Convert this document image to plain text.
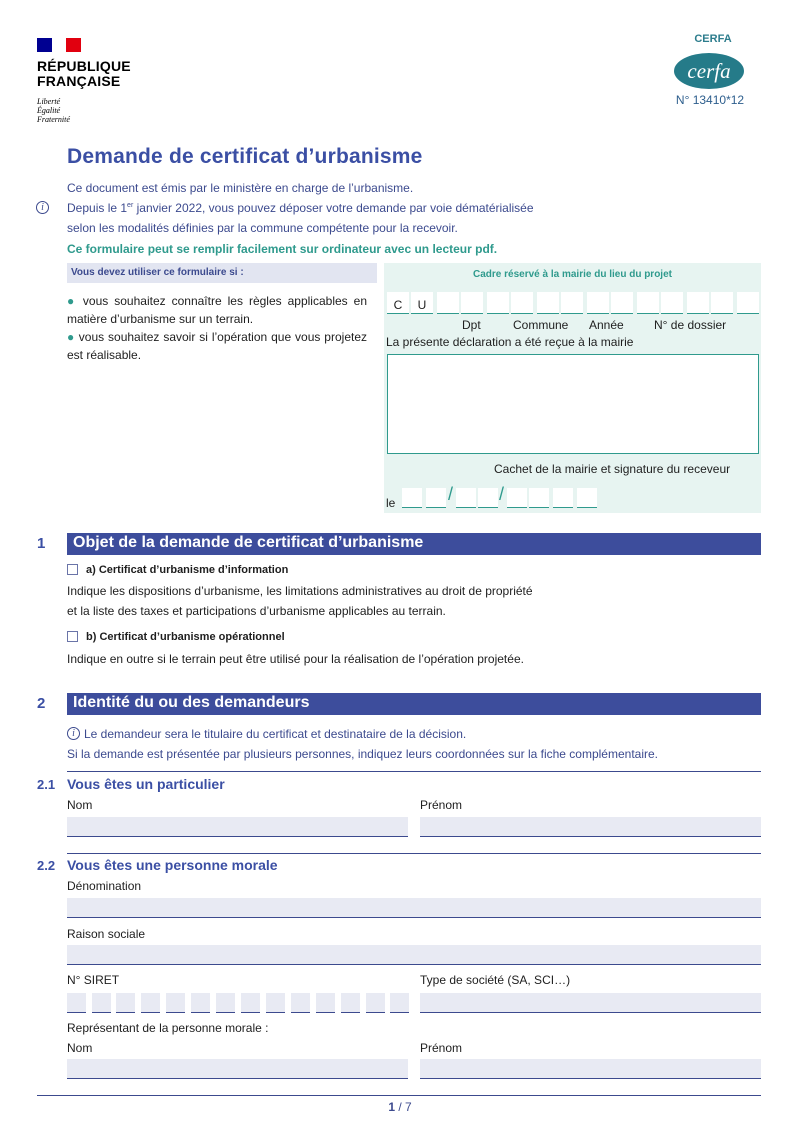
RÉPUBLIQUE
FRANÇAISE
Liberté
Égalité
Fraternité
CERFA
cerfa
N° 13410*12
Demande de certificat d’urbanisme
Ce document est émis par le ministère en charge de l’urbanisme.
i	Depuis le 1er janvier 2022, vous pouvez déposer votre demande par voie dématérialisée
selon les modalités définies par la commune compétente pour la recevoir.
Ce formulaire peut se remplir facilement sur ordinateur avec un lecteur pdf.
Vous devez utiliser ce formulaire si :
● vous souhaitez connaître les règles applicables en matière d’urbanisme sur un terrain.
● vous souhaitez savoir si l’opération que vous projetez est réalisable.
Cadre réservé à la mairie du lieu du projet
C	U
Dpt	Commune Année	N° de dossier
La présente déclaration a été reçue à la mairie
Cachet de la mairie et signature du receveur
le	/	/
1	Objet de la demande de certificat d’urbanisme
a) Certificat d’urbanisme d’information
Indique les dispositions d’urbanisme, les limitations administratives au droit de propriété
et la liste des taxes et participations d’urbanisme applicables au terrain.
b) Certificat d’urbanisme opérationnel
Indique en outre si le terrain peut être utilisé pour la réalisation de l’opération projetée.
2	Identité du ou des demandeurs
i Le demandeur sera le titulaire du certificat et destinataire de la décision.
Si la demande est présentée par plusieurs personnes, indiquez leurs coordonnées sur la fiche complémentaire.
2.1 Vous êtes un particulier
Nom	Prénom
2.2 Vous êtes une personne morale
Dénomination
Raison sociale
N° SIRET	Type de société (SA, SCI…)
Représentant de la personne morale :
Nom	Prénom
1 / 7
